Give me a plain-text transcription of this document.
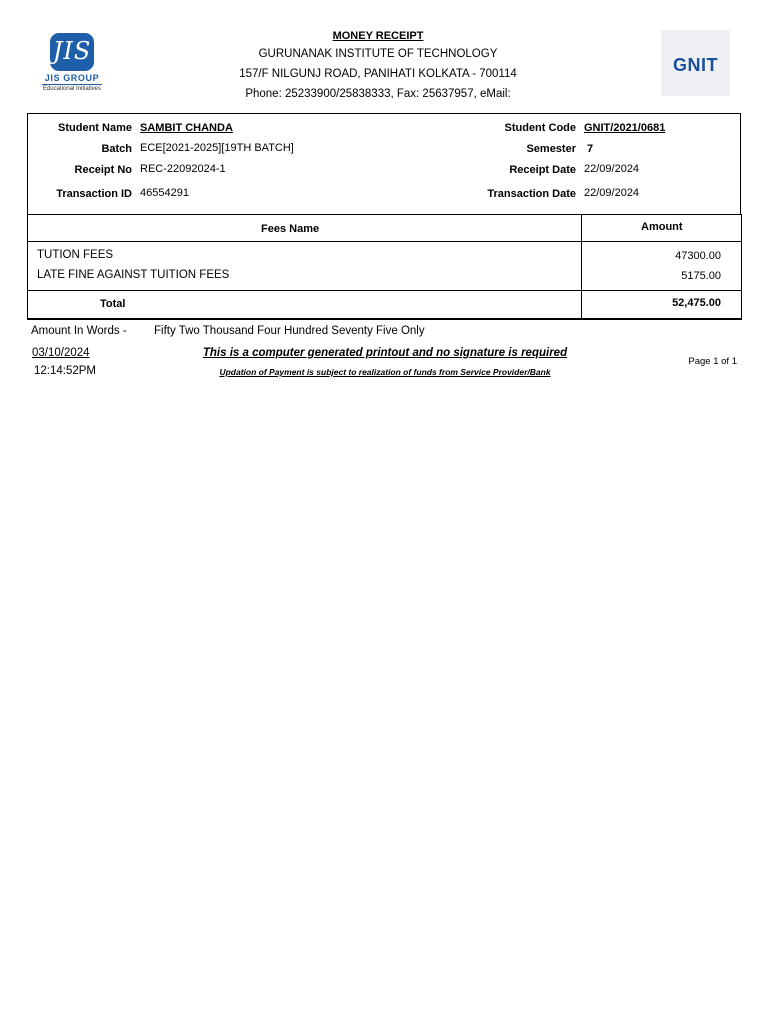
JIS
JIS GROUP
Educational Initiatives
GNIT
MONEY RECEIPT
GURUNANAK INSTITUTE OF TECHNOLOGY
157/F NILGUNJ ROAD, PANIHATI KOLKATA - 700114
Phone: 25233900/25838333, Fax: 25637957, eMail:
Student Name SAMBIT CHANDA
Batch ECE[2021-2025][19TH BATCH]
Receipt No REC-22092024-1
Transaction ID 46554291
Student Code GNIT/2021/0681
Semester 7
Receipt Date 22/09/2024
Transaction Date 22/09/2024
Fees Name	Amount
TUTION FEES	47300.00
LATE FINE AGAINST TUITION FEES	5175.00
Total	52,475.00
Amount In Words - Fifty Two Thousand Four Hundred Seventy Five Only
03/10/2024
12:14:52PM
This is a computer generated printout and no signature is required
Updation of Payment is subject to realization of funds from Service Provider/Bank
Page 1 of 1
